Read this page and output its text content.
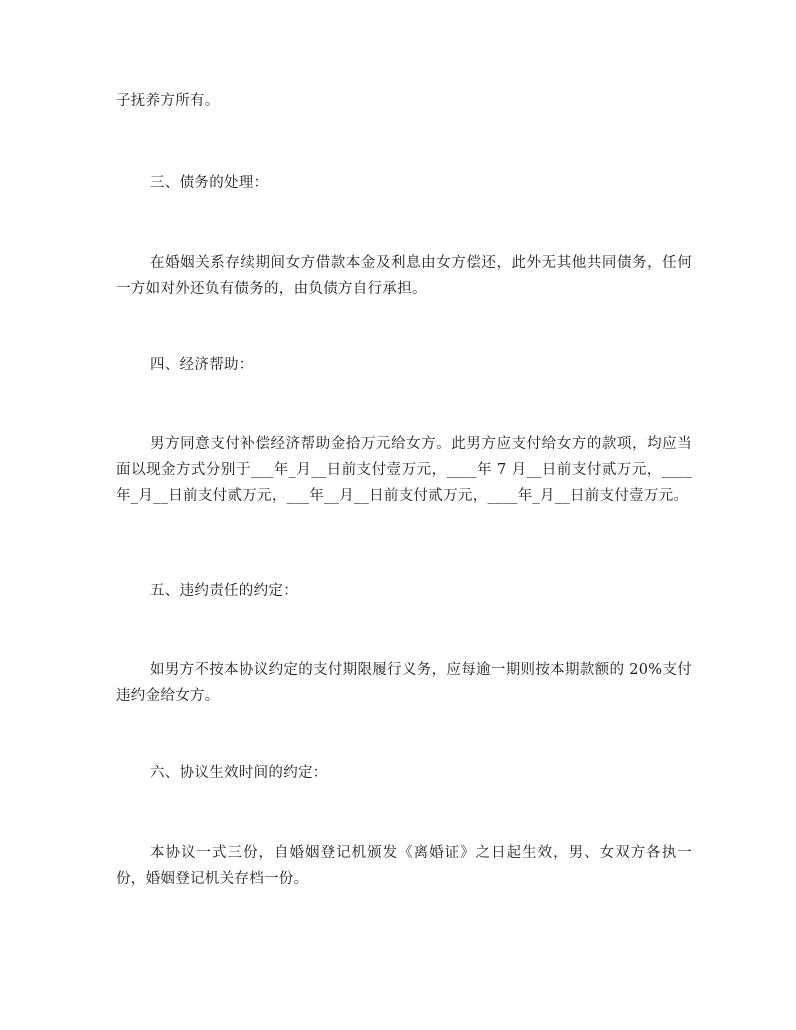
子抚养方所有。

三、债务的处理：

在婚姻关系存续期间女方借款本金及利息由女方偿还，此外无其他共同债务，任何一方如对外还负有债务的，由负债方自行承担。

四、经济帮助：

男方同意支付补偿经济帮助金拾万元给女方。此男方应支付给女方的款项，均应当面以现金方式分别于___年_月__日前支付壹万元，____年 7 月__日前支付贰万元，____年_月__日前支付贰万元，___年__月__日前支付贰万元，____年_月__日前支付壹万元。

五、违约责任的约定：

如男方不按本协议约定的支付期限履行义务，应每逾一期则按本期款额的 20%支付违约金给女方。

六、协议生效时间的约定：

本协议一式三份，自婚姻登记机颁发《离婚证》之日起生效，男、女双方各执一份，婚姻登记机关存档一份。
